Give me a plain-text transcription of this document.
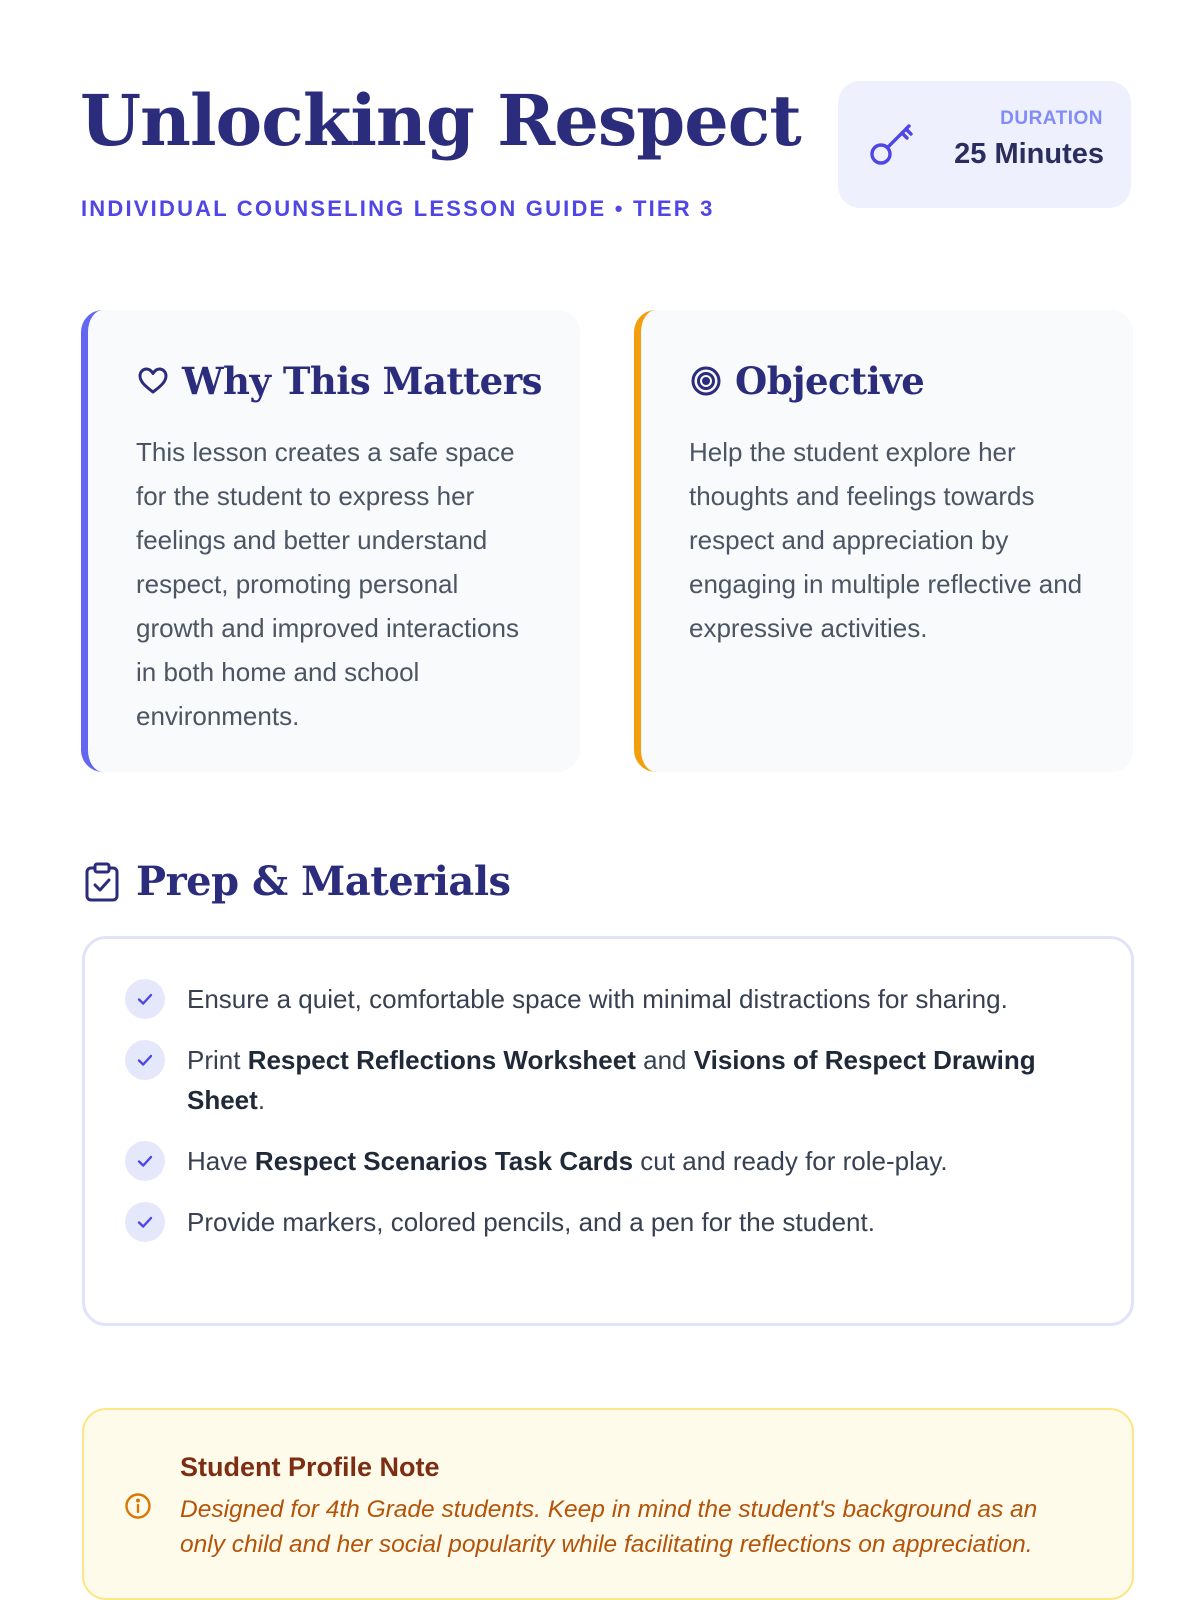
Unlocking Respect
INDIVIDUAL COUNSELING LESSON GUIDE • TIER 3
DURATION
25 Minutes
Why This Matters
This lesson creates a safe space for the student to express her feelings and better understand respect, promoting personal growth and improved interactions in both home and school environments.
Objective
Help the student explore her thoughts and feelings towards respect and appreciation by engaging in multiple reflective and expressive activities.
Prep & Materials
Ensure a quiet, comfortable space with minimal distractions for sharing.
Print Respect Reflections Worksheet and Visions of Respect Drawing Sheet.
Have Respect Scenarios Task Cards cut and ready for role-play.
Provide markers, colored pencils, and a pen for the student.
Student Profile Note
Designed for 4th Grade students. Keep in mind the student's background as an only child and her social popularity while facilitating reflections on appreciation.
